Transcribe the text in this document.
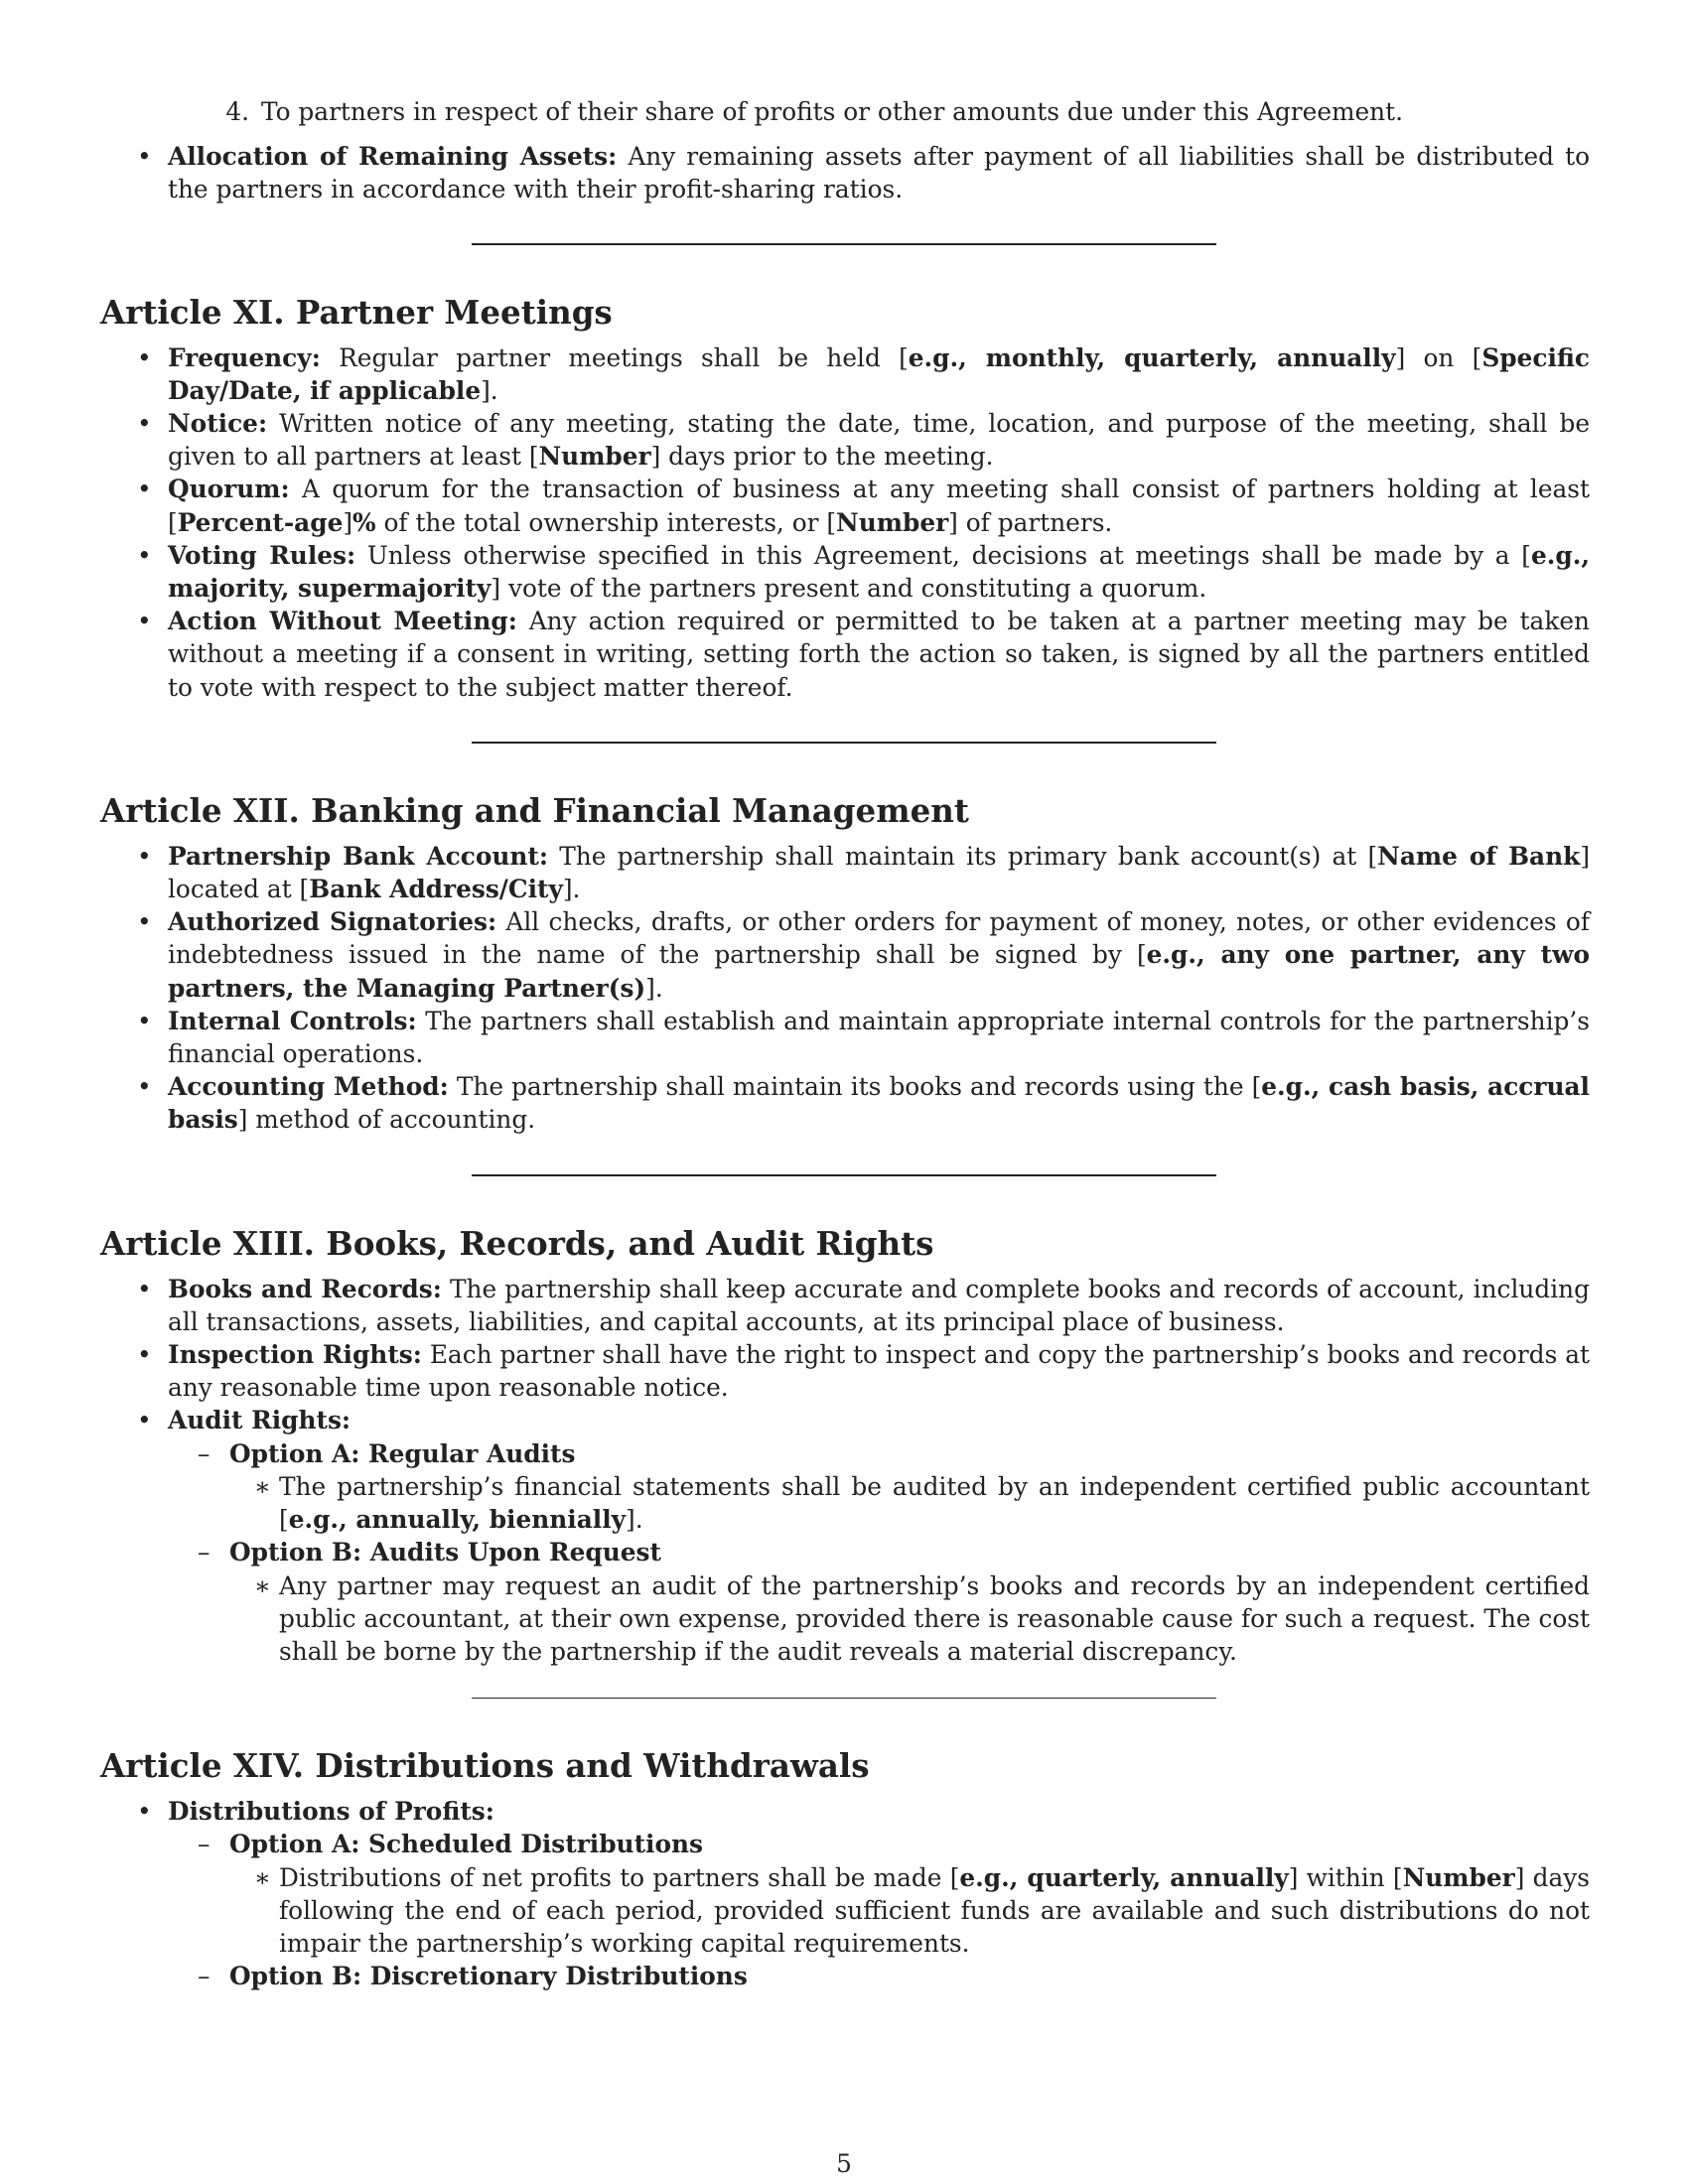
4. To partners in respect of their share of profits or other amounts due under this Agreement.
• Allocation of Remaining Assets: Any remaining assets after payment of all liabilities shall be distributed to the partners in accordance with their profit-sharing ratios.
Article XI. Partner Meetings
• Frequency: Regular partner meetings shall be held [e.g., monthly, quarterly, annually] on [Specific Day/Date, if applicable].
• Notice: Written notice of any meeting, stating the date, time, location, and purpose of the meeting, shall be given to all partners at least [Number] days prior to the meeting.
• Quorum: A quorum for the transaction of business at any meeting shall consist of partners holding at least [Percent-age]% of the total ownership interests, or [Number] of partners.
• Voting Rules: Unless otherwise specified in this Agreement, decisions at meetings shall be made by a [e.g., majority, supermajority] vote of the partners present and constituting a quorum.
• Action Without Meeting: Any action required or permitted to be taken at a partner meeting may be taken without a meeting if a consent in writing, setting forth the action so taken, is signed by all the partners entitled to vote with respect to the subject matter thereof.
Article XII. Banking and Financial Management
• Partnership Bank Account: The partnership shall maintain its primary bank account(s) at [Name of Bank] located at [Bank Address/City].
• Authorized Signatories: All checks, drafts, or other orders for payment of money, notes, or other evidences of indebtedness issued in the name of the partnership shall be signed by [e.g., any one partner, any two partners, the Managing Partner(s)].
• Internal Controls: The partners shall establish and maintain appropriate internal controls for the partnership’s financial operations.
• Accounting Method: The partnership shall maintain its books and records using the [e.g., cash basis, accrual basis] method of accounting.
Article XIII. Books, Records, and Audit Rights
• Books and Records: The partnership shall keep accurate and complete books and records of account, including all transactions, assets, liabilities, and capital accounts, at its principal place of business.
• Inspection Rights: Each partner shall have the right to inspect and copy the partnership’s books and records at any reasonable time upon reasonable notice.
• Audit Rights:
– Option A: Regular Audits
∗ The partnership’s financial statements shall be audited by an independent certified public accountant [e.g., annually, biennially].
– Option B: Audits Upon Request
∗ Any partner may request an audit of the partnership’s books and records by an independent certified public accountant, at their own expense, provided there is reasonable cause for such a request. The cost shall be borne by the partnership if the audit reveals a material discrepancy.
Article XIV. Distributions and Withdrawals
• Distributions of Profits:
– Option A: Scheduled Distributions
∗ Distributions of net profits to partners shall be made [e.g., quarterly, annually] within [Number] days following the end of each period, provided sufficient funds are available and such distributions do not impair the partnership’s working capital requirements.
– Option B: Discretionary Distributions
5
